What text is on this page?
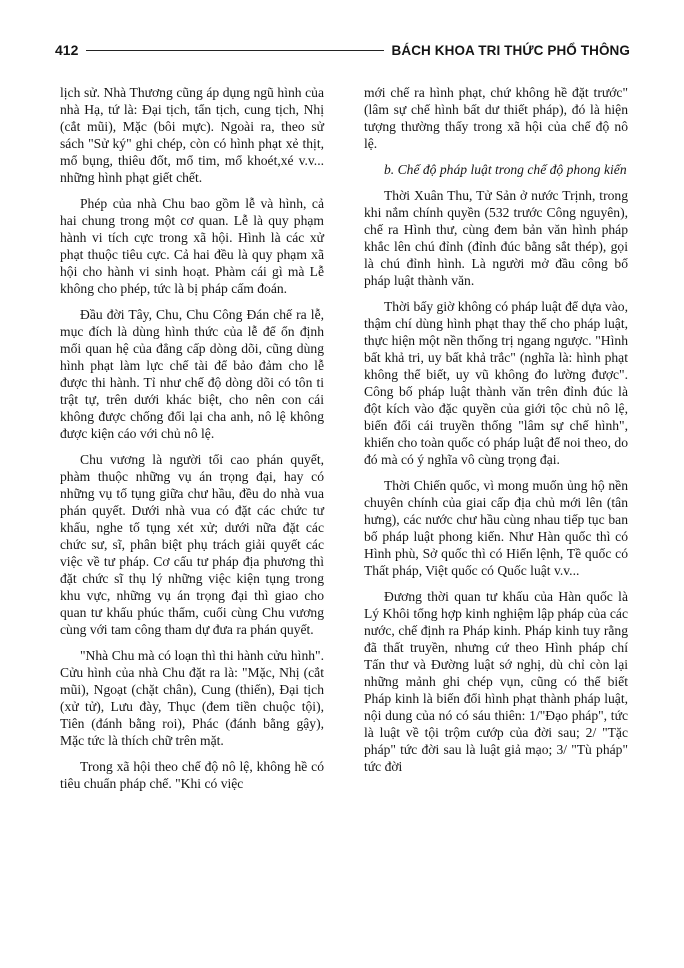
412	BÁCH KHOA TRI THỨC PHỔ THÔNG

lịch sử. Nhà Thương cũng áp dụng ngũ hình của nhà Hạ, tứ là: Đại tịch, tẩn tịch, cung tịch, Nhị (cắt mũi), Mặc (bôi mực). Ngoài ra, theo sử sách "Sử ký" ghi chép, còn có hình phạt xẻ thịt, mổ bụng, thiêu đốt, mổ tim, mổ khoét,xé v.v... những hình phạt giết chết.

Phép của nhà Chu bao gồm lễ và hình, cả hai chung trong một cơ quan. Lễ là quy phạm hành vi tích cực trong xã hội. Hình là các xử phạt thuộc tiêu cực. Cả hai đều là quy phạm xã hội cho hành vi sinh hoạt. Phàm cái gì mà Lễ không cho phép, tức là bị pháp cấm đoán.

Đầu đời Tây, Chu, Chu Công Đán chế ra lễ, mục đích là dùng hình thức của lễ để ổn định mối quan hệ của đẳng cấp dòng dõi, cũng dùng hình phạt làm lực chế tài để bảo đảm cho lễ được thi hành. Tỉ như chế độ dòng dõi có tôn ti trật tự, trên dưới khác biệt, cho nên con cái không được chống đối lại cha anh, nô lệ không được kiện cáo với chủ nô lệ.

Chu vương là người tối cao phán quyết, phàm thuộc những vụ án trọng đại, hay có những vụ tố tụng giữa chư hầu, đều do nhà vua phán quyết. Dưới nhà vua có đặt các chức tư khấu, nghe tố tụng xét xử; dưới nữa đặt các chức sư, sĩ, phân biệt phụ trách giải quyết các việc về tư pháp. Cơ cấu tư pháp địa phương thì đặt chức sĩ thụ lý những việc kiện tụng trong khu vực, những vụ án trọng đại thì giao cho quan tư khấu phúc thẩm, cuối cùng Chu vương cùng với tam công tham dự đưa ra phán quyết.

"Nhà Chu mà có loạn thì thi hành cửu hình". Cửu hình của nhà Chu đặt ra là: "Mặc, Nhị (cắt mũi), Ngoạt (chặt chân), Cung (thiến), Đại tịch (xử tử), Lưu đày, Thục (đem tiền chuộc tội), Tiên (đánh bằng roi), Phác (đánh bằng gậy), Mặc tức là thích chữ trên mặt.

Trong xã hội theo chế độ nô lệ, không hề có tiêu chuẩn pháp chế. "Khi có việc

mới chế ra hình phạt, chứ không hề đặt trước" (lâm sự chế hình bất dư thiết pháp), đó là hiện tượng thường thấy trong xã hội của chế độ nô lệ.

b. Chế độ pháp luật trong chế độ phong kiến

Thời Xuân Thu, Tử Sản ở nước Trịnh, trong khi nắm chính quyền (532 trước Công nguyên), chế ra Hình thư, cùng đem bản văn hình pháp khắc lên chú đỉnh (đỉnh đúc bằng sắt thép), gọi là chú đỉnh hình. Là người mở đầu công bố pháp luật thành văn.

Thời bấy giờ không có pháp luật để dựa vào, thậm chí dùng hình phạt thay thế cho pháp luật, thực hiện một nền thống trị ngang ngược. "Hình bất khả tri, uy bất khả trắc" (nghĩa là: hình phạt không thể biết, uy vũ không đo lường được". Công bố pháp luật thành văn trên đỉnh đúc là đột kích vào đặc quyền của giới tộc chủ nô lệ, biến đổi cái truyền thống "lâm sự chế hình", khiến cho toàn quốc có pháp luật để noi theo, do đó mà có ý nghĩa vô cùng trọng đại.

Thời Chiến quốc, vì mong muốn ủng hộ nền chuyên chính của giai cấp địa chủ mới lên (tân hưng), các nước chư hầu cùng nhau tiếp tục ban bố pháp luật phong kiến. Như Hàn quốc thì có Hình phù, Sở quốc thì có Hiến lệnh, Tề quốc có Thất pháp, Việt quốc có Quốc luật v.v...

Đương thời quan tư khấu của Hàn quốc là Lý Khôi tổng hợp kinh nghiệm lập pháp của các nước, chế định ra Pháp kinh. Pháp kinh tuy rằng đã thất truyền, nhưng cứ theo Hình pháp chí Tấn thư và Đường luật sớ nghị, dù chỉ còn lại những mảnh ghi chép vụn, cũng có thể biết Pháp kinh là biến đổi hình phạt thành pháp luật, nội dung của nó có sáu thiên: 1/"Đạo pháp", tức là luật về tội trộm cướp của đời sau; 2/ "Tặc pháp" tức đời sau là luật giả mạo; 3/ "Tù pháp" tức đời
